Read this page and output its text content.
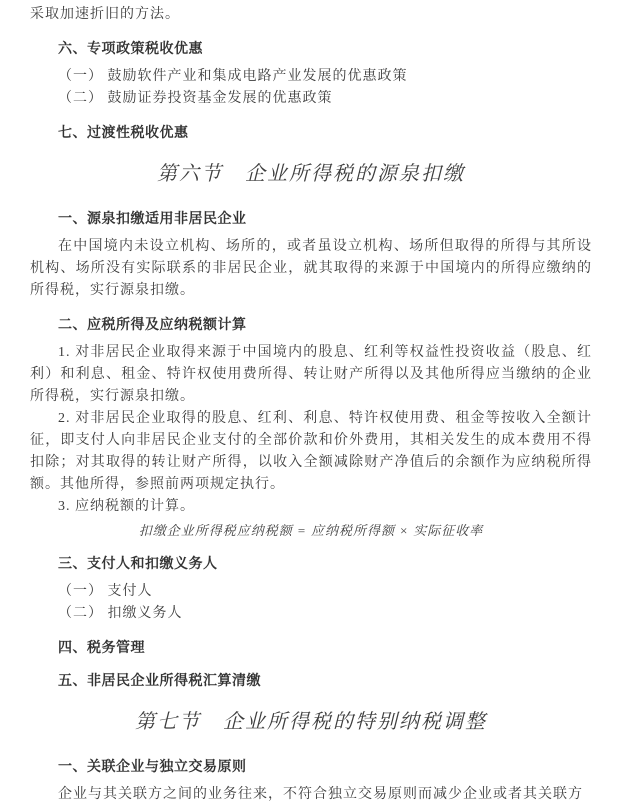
采取加速折旧的方法。
六、专项政策税收优惠
（一） 鼓励软件产业和集成电路产业发展的优惠政策
（二） 鼓励证券投资基金发展的优惠政策
七、过渡性税收优惠
第六节　企业所得税的源泉扣缴
一、源泉扣缴适用非居民企业
在中国境内未设立机构、场所的，或者虽设立机构、场所但取得的所得与其所设机构、场所没有实际联系的非居民企业，就其取得的来源于中国境内的所得应缴纳的所得税，实行源泉扣缴。
二、应税所得及应纳税额计算
1. 对非居民企业取得来源于中国境内的股息、红利等权益性投资收益（股息、红利）和利息、租金、特许权使用费所得、转让财产所得以及其他所得应当缴纳的企业所得税，实行源泉扣缴。
2. 对非居民企业取得的股息、红利、利息、特许权使用费、租金等按收入全额计征，即支付人向非居民企业支付的全部价款和价外费用，其相关发生的成本费用不得扣除；对其取得的转让财产所得，以收入全额减除财产净值后的余额作为应纳税所得额。其他所得，参照前两项规定执行。
3. 应纳税额的计算。
扣缴企业所得税应纳税额 = 应纳税所得额 × 实际征收率
三、支付人和扣缴义务人
（一） 支付人
（二） 扣缴义务人
四、税务管理
五、非居民企业所得税汇算清缴
第七节　企业所得税的特别纳税调整
一、关联企业与独立交易原则
企业与其关联方之间的业务往来，不符合独立交易原则而减少企业或者其关联方
